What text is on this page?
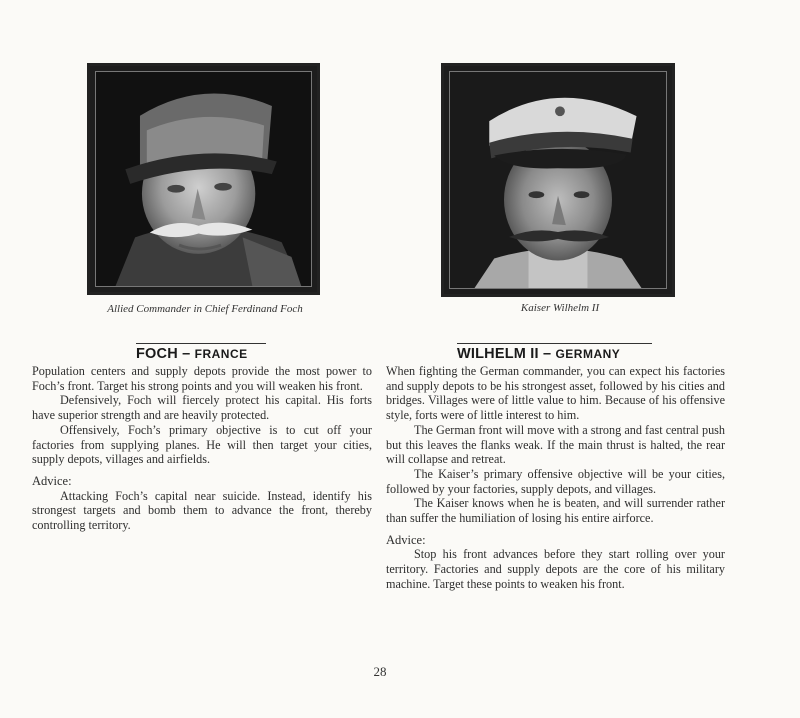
Allied Commander in Chief Ferdinand Foch	Kaiser Wilhelm II
FOCH – FRANCE	WILHELM II – GERMANY

Population centers and supply depots provide the most power to Foch’s front. Target his strong points and you will weaken his front.

Defensively, Foch will fiercely protect his capital. His forts have superior strength and are heavily protected.

Offensively, Foch’s primary objective is to cut off your factories from supplying planes. He will then target your cities, supply depots, villages and airfields.

Advice:

Attacking Foch’s capital near suicide. Instead, identify his strongest targets and bomb them to advance the front, thereby controlling territory.

When fighting the German commander, you can expect his factories and supply depots to be his strongest asset, followed by his cities and bridges. Villages were of little value to him. Because of his offensive style, forts were of little interest to him.

The German front will move with a strong and fast central push but this leaves the flanks weak. If the main thrust is halted, the rear will collapse and retreat.

The Kaiser’s primary offensive objective will be your cities, followed by your factories, supply depots, and villages.

The Kaiser knows when he is beaten, and will surrender rather than suffer the humiliation of losing his entire airforce.

Advice:

Stop his front advances before they start rolling over your territory. Factories and supply depots are the core of his military machine. Target these points to weaken his front.

28
